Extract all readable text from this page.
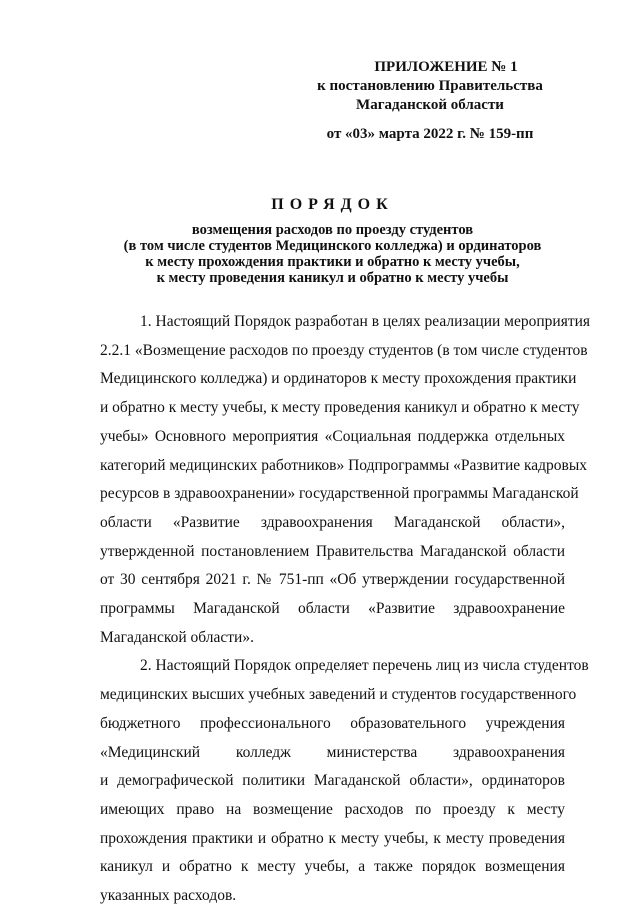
ПРИЛОЖЕНИЕ № 1
к постановлению Правительства
Магаданской области
от «03» марта 2022 г. № 159-пп
ПОРЯДОК
возмещения расходов по проезду студентов
(в том числе студентов Медицинского колледжа) и ординаторов
к месту прохождения практики и обратно к месту учебы,
к месту проведения каникул и обратно к месту учебы
1. Настоящий Порядок разработан в целях реализации мероприятия
2.2.1 «Возмещение расходов по проезду студентов (в том числе студентов
Медицинского колледжа) и ординаторов к месту прохождения практики
и обратно к месту учебы, к месту проведения каникул и обратно к месту
учебы» Основного мероприятия «Социальная поддержка отдельных
категорий медицинских работников» Подпрограммы «Развитие кадровых
ресурсов в здравоохранении» государственной программы Магаданской
области «Развитие здравоохранения Магаданской области»,
утвержденной постановлением Правительства Магаданской области
от 30 сентября 2021 г. № 751-пп «Об утверждении государственной
программы Магаданской области «Развитие здравоохранение
Магаданской области».
2. Настоящий Порядок определяет перечень лиц из числа студентов
медицинских высших учебных заведений и студентов государственного
бюджетного профессионального образовательного учреждения
«Медицинский колледж министерства здравоохранения
и демографической политики Магаданской области», ординаторов
имеющих право на возмещение расходов по проезду к месту
прохождения практики и обратно к месту учебы, к месту проведения
каникул и обратно к месту учебы, а также порядок возмещения
указанных расходов.
